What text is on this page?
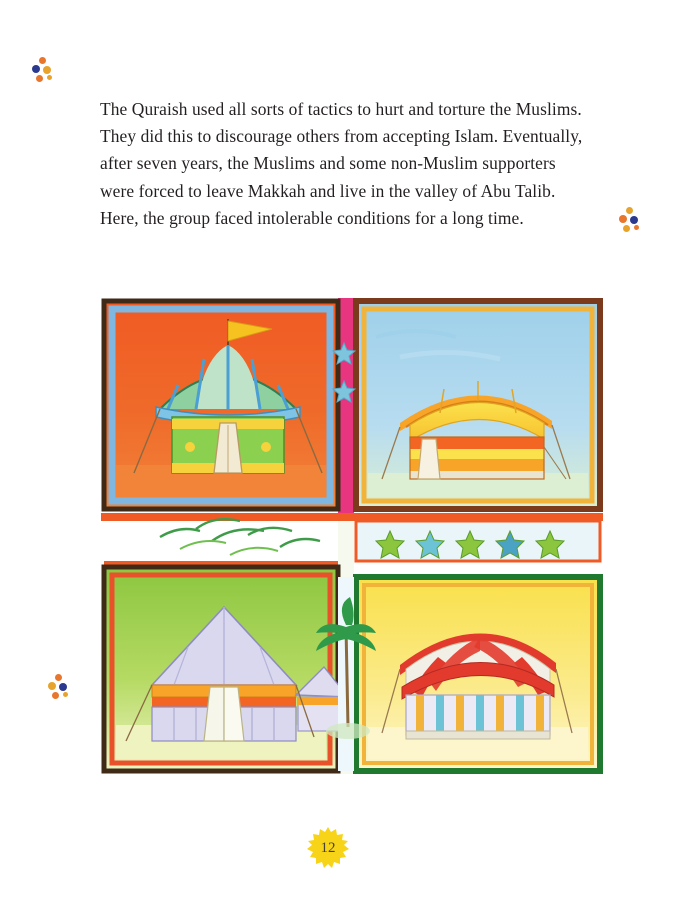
The Quraish used all sorts of tactics to hurt and torture the Muslims. They did this to discourage others from accepting Islam. Eventually, after seven years, the Muslims and some non-Muslim supporters were forced to leave Makkah and live in the valley of Abu Talib. Here, the group faced intolerable conditions for a long time.
12
